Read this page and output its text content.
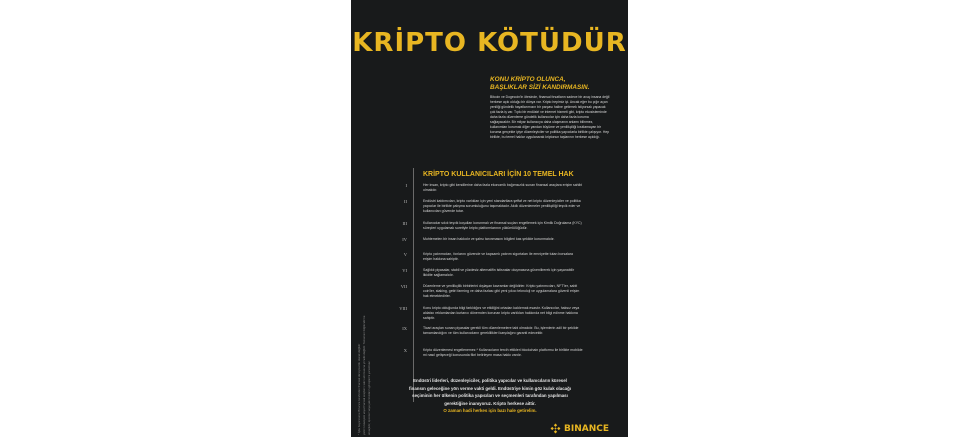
KRİPTO KÖTÜDÜR
KONU KRİPTO OLUNCA,
BAŞLIKLAR SİZİ KANDIRMASIN.
Bitcoin ve Dogecoin'in ötesinde, finansal fırsatların sadece bir avuç insana değil herkese açık olduğu bir dünya var. Kripto hepimiz içi. Ancak eğer bu çığır açan yeniliği gündelik hayatlarımızın bir parçası haline getirmek istiyorsak yapacak çok fazla iş var. Tıpkı bir endüstri ve internet hizmeti gibi, kripto ekosisteminde daha fazla düzenleme gündelik kullanıcılar için daha fazla koruma sağlayacaktır. Bir milyar kullanıcıya daha ulaşmanın anlamı bilinmez, kullanımları korumak diğer yandan büyüme ve yenilikçiliği kısıtlamayan bir koruma gerçekte iyiye düzenleyiciler ve politika yapıcılarla birlikte çalışıyor. Hep birlikte, bu temel haklar uygulanarak kriptonun taşlarının herkese açıldığı.
KRİPTO KULLANICILARI İÇİN 10 TEMEL HAK
I	Her insan, kripto gibi kendilerine daha fazla ekonomik bağımsızlık sunan finansal araçlara erişim sahibi olmalıdır.
II	Endüstri katılımcıları, kripto varlıkları için yeni standartlara şeffaf ve net kripto düzenleyiciler ve politika yapıcılar ile birlikte çalışma sorumluluğunu taşımaktadır. Akıllı düzenlemeler yenilikçiliği teşvik eder ve kullanıcıları güvende tutar.
III	Kullanıcılar sıkılı teşvik koşulları korunmalı ve finansal suçları engellemek için Kimlik Doğrulama (KYC) süreçleri uygulamak suretiyle kripto platformlarının yükümlülüğüdür.
IV	Muhtemelen bir insan hakkıdır ve şahsı tanınmasını bilgileri kas şekilde korunmalıdır.
V	Kripto yatırımcıları, fonlarını güvende ve kapsamlı yatırım sigortaları ile emniyette tutan borsalara erişim hakkına sahiptir.
VI	Sağlıklı piyasalar, stabil ve yüzdesiz alternatifin istisnalar oluşmasına güvenilirerek için yaşanabilir likidite sağlamalıdır.
VII	Düzenleme ve yenilikçilik birbirlerini dışlayan kavramlar değildirler. Kripto yatırımcıları, NFT'ler, sabit coin'ler, staking, getiri farming ve daha fazlası gibi yeni yıkıcı teknoloji ve uygulamalara güvenli erişim hak etmektedirler.
VIII	Konu kripto olduğunda bilgi farklılığını ve etkiliğini ortadan kaldırmak esastır. Kullanıcılar, haksız veya aldatıcı reklamlardan kurtarıcı dönemden korunan kripto varlıkları hakkında net bilgi edinme hakkına sahiptir.
IX	Ticari araçları sunan piyasalar gerekli tüm düzenlemelere tabi olmalıdır. Bu, işlemlerin adil bir şekilde tamamlandığını ve tüm kullanıcıların gereklilikleri karşılağını garanti edecektir.
X	Kripto düzenlemesi engellenemez.* Kullanıcıların tercih ettikleri blockchain platformu ile birlikte mobilde mi nasıl gelişeceği konusunda fikri belirleyen masa hakkı vardır.
* İşbu beyanname Binance tarafından finansal danışmanlık olarak değildir yatırım tavsiyesi veya finansal araçların satın alınmasına yönelik değildir. Tamamen bilgilendirme amaçlıdır, sponsor veya yatırımcıların görüşlerini yansıtmaz.	Endüstri liderleri, düzenleyiciler, politika yapıcılar ve kullanıcıların küresel finansın geleceğine yön verme vakti geldi. Endüstriye kimin göz kulak olacağı seçiminin her ülkenin politika yapıcıları ve seçmenleri tarafından yapılması gerektiğine inanıyoruz. Kripto herkese aittir.
O zaman hadi herkes için bazı hale getirelim.
BINANCE
